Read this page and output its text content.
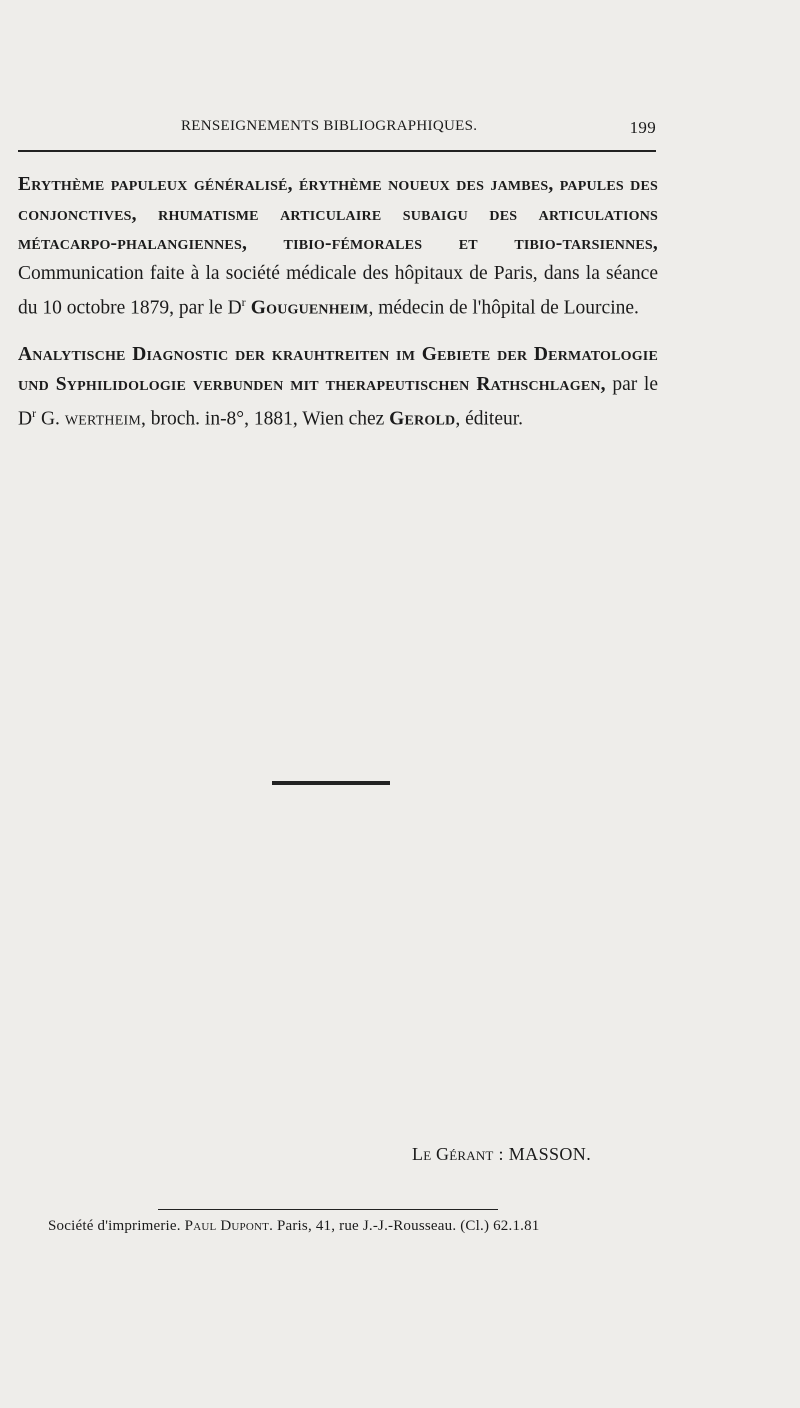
RENSEIGNEMENTS BIBLIOGRAPHIQUES.	199

Erythème papuleux généralisé, érythème noueux des jambes, papules des conjonctives, rhumatisme articulaire subaigu des articulations métacarpo-phalangiennes, tibio-fémorales et tibio-tarsiennes, Communication faite à la société médicale des hôpitaux de Paris, dans la séance du 10 octobre 1879, par le $D^r$ Gouguenheim, médecin de l'hôpital de Lourcine.

Analytische Diagnostic der krauhtreiten im Gebiete der Dermatologie und Syphilidologie verbunden mit therapeutischen Rathschlagen, par le $D^r$ G. wertheim, broch. in-8°, 1881, Wien chez Gerold, éditeur.

Le Gérant : MASSON.
Société d'imprimerie. Paul Dupont. Paris, 41, rue J.-J.-Rousseau. (Cl.) 62.1.81
